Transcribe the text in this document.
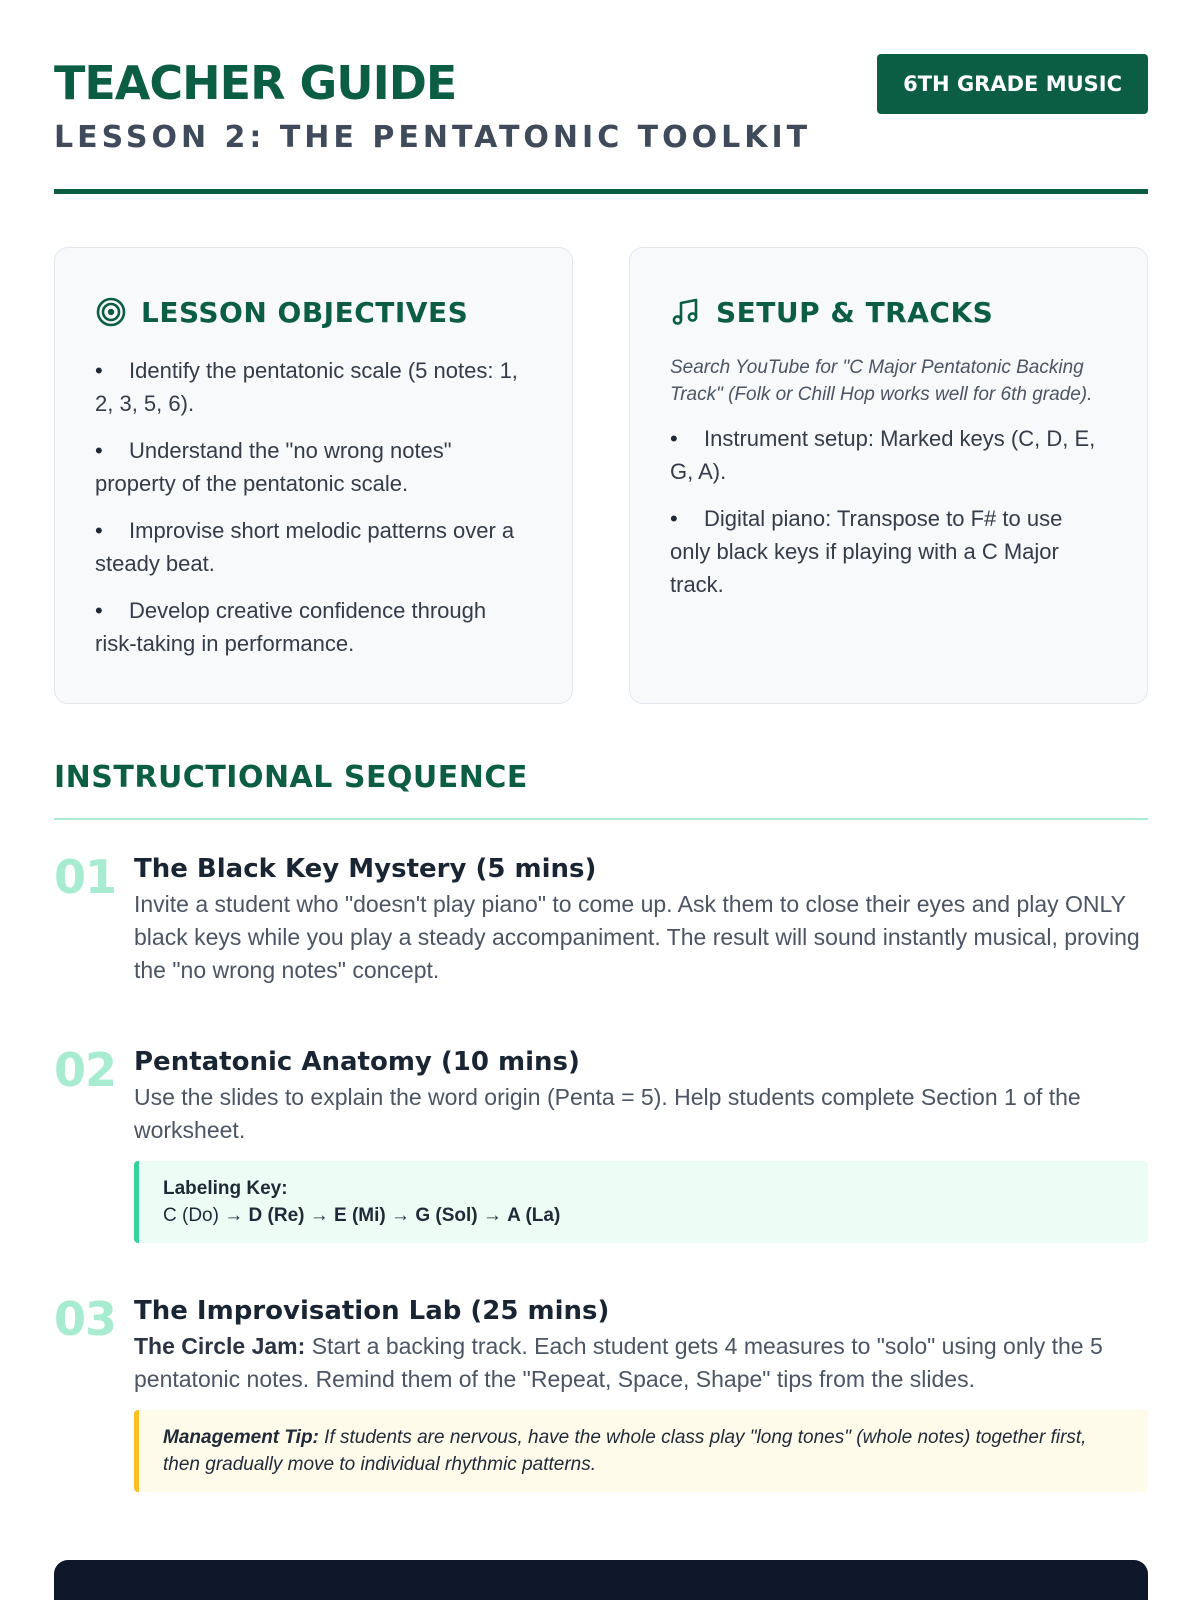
TEACHER GUIDE
LESSON 2: THE PENTATONIC TOOLKIT
6TH GRADE MUSIC
LESSON OBJECTIVES
• Identify the pentatonic scale (5 notes: 1, 2, 3, 5, 6).
• Understand the "no wrong notes" property of the pentatonic scale.
• Improvise short melodic patterns over a steady beat.
• Develop creative confidence through risk-taking in performance.
SETUP & TRACKS
Search YouTube for "C Major Pentatonic Backing Track" (Folk or Chill Hop works well for 6th grade).
• Instrument setup: Marked keys (C, D, E, G, A).
• Digital piano: Transpose to F# to use only black keys if playing with a C Major track.
INSTRUCTIONAL SEQUENCE
01 The Black Key Mystery (5 mins)
Invite a student who "doesn't play piano" to come up. Ask them to close their eyes and play ONLY black keys while you play a steady accompaniment. The result will sound instantly musical, proving the "no wrong notes" concept.
02 Pentatonic Anatomy (10 mins)
Use the slides to explain the word origin (Penta = 5). Help students complete Section 1 of the worksheet.
Labeling Key:
C (Do) → D (Re) → E (Mi) → G (Sol) → A (La)
03 The Improvisation Lab (25 mins)
The Circle Jam: Start a backing track. Each student gets 4 measures to "solo" using only the 5 pentatonic notes. Remind them of the "Repeat, Space, Shape" tips from the slides.
Management Tip: If students are nervous, have the whole class play "long tones" (whole notes) together first, then gradually move to individual rhythmic patterns.
